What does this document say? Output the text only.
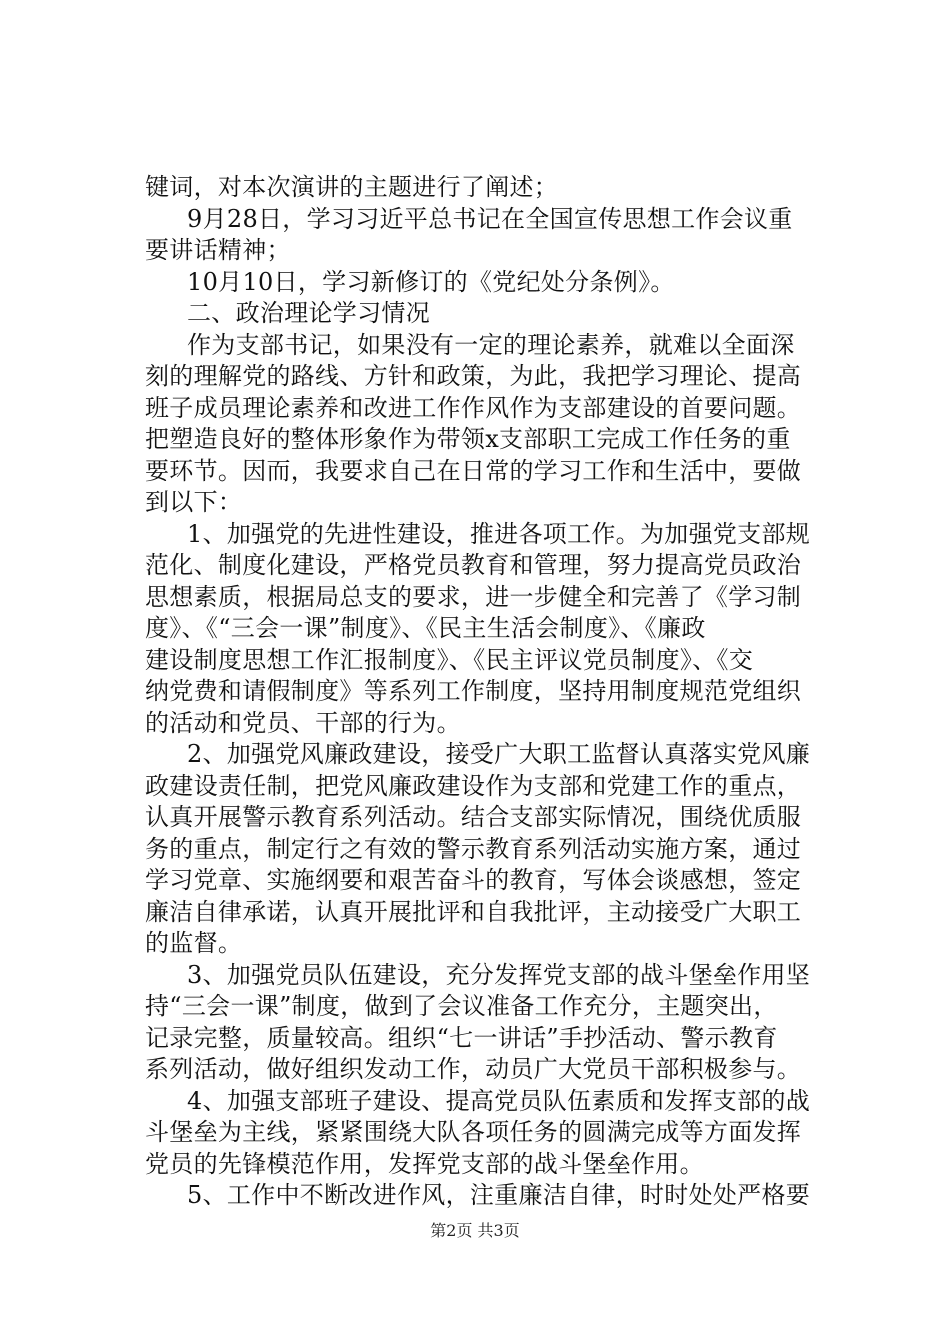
键词，对本次演讲的主题进行了阐述；
9月28日，学习习近平总书记在全国宣传思想工作会议重
要讲话精神；
10月10日，学习新修订的《党纪处分条例》。
二、政治理论学习情况
作为支部书记，如果没有一定的理论素养，就难以全面深
刻的理解党的路线、方针和政策，为此，我把学习理论、提高
班子成员理论素养和改进工作作风作为支部建设的首要问题。
把塑造良好的整体形象作为带领x支部职工完成工作任务的重
要环节。因而，我要求自己在日常的学习工作和生活中，要做
到以下：
1、加强党的先进性建设，推进各项工作。为加强党支部规
范化、制度化建设，严格党员教育和管理，努力提高党员政治
思想素质，根据局总支的要求，进一步健全和完善了《学习制
度》、《“三会一课”制度》、《民主生活会制度》、《廉政
建设制度思想工作汇报制度》、《民主评议党员制度》、《交
纳党费和请假制度》等系列工作制度，坚持用制度规范党组织
的活动和党员、干部的行为。
2、加强党风廉政建设，接受广大职工监督认真落实党风廉
政建设责任制，把党风廉政建设作为支部和党建工作的重点，
认真开展警示教育系列活动。结合支部实际情况，围绕优质服
务的重点，制定行之有效的警示教育系列活动实施方案，通过
学习党章、实施纲要和艰苦奋斗的教育，写体会谈感想，签定
廉洁自律承诺，认真开展批评和自我批评，主动接受广大职工
的监督。
3、加强党员队伍建设，充分发挥党支部的战斗堡垒作用坚
持“三会一课”制度，做到了会议准备工作充分，主题突出，
记录完整，质量较高。组织“七一讲话”手抄活动、警示教育
系列活动，做好组织发动工作，动员广大党员干部积极参与。
4、加强支部班子建设、提高党员队伍素质和发挥支部的战
斗堡垒为主线，紧紧围绕大队各项任务的圆满完成等方面发挥
党员的先锋模范作用，发挥党支部的战斗堡垒作用。
5、工作中不断改进作风，注重廉洁自律，时时处处严格要
第2页 共3页
